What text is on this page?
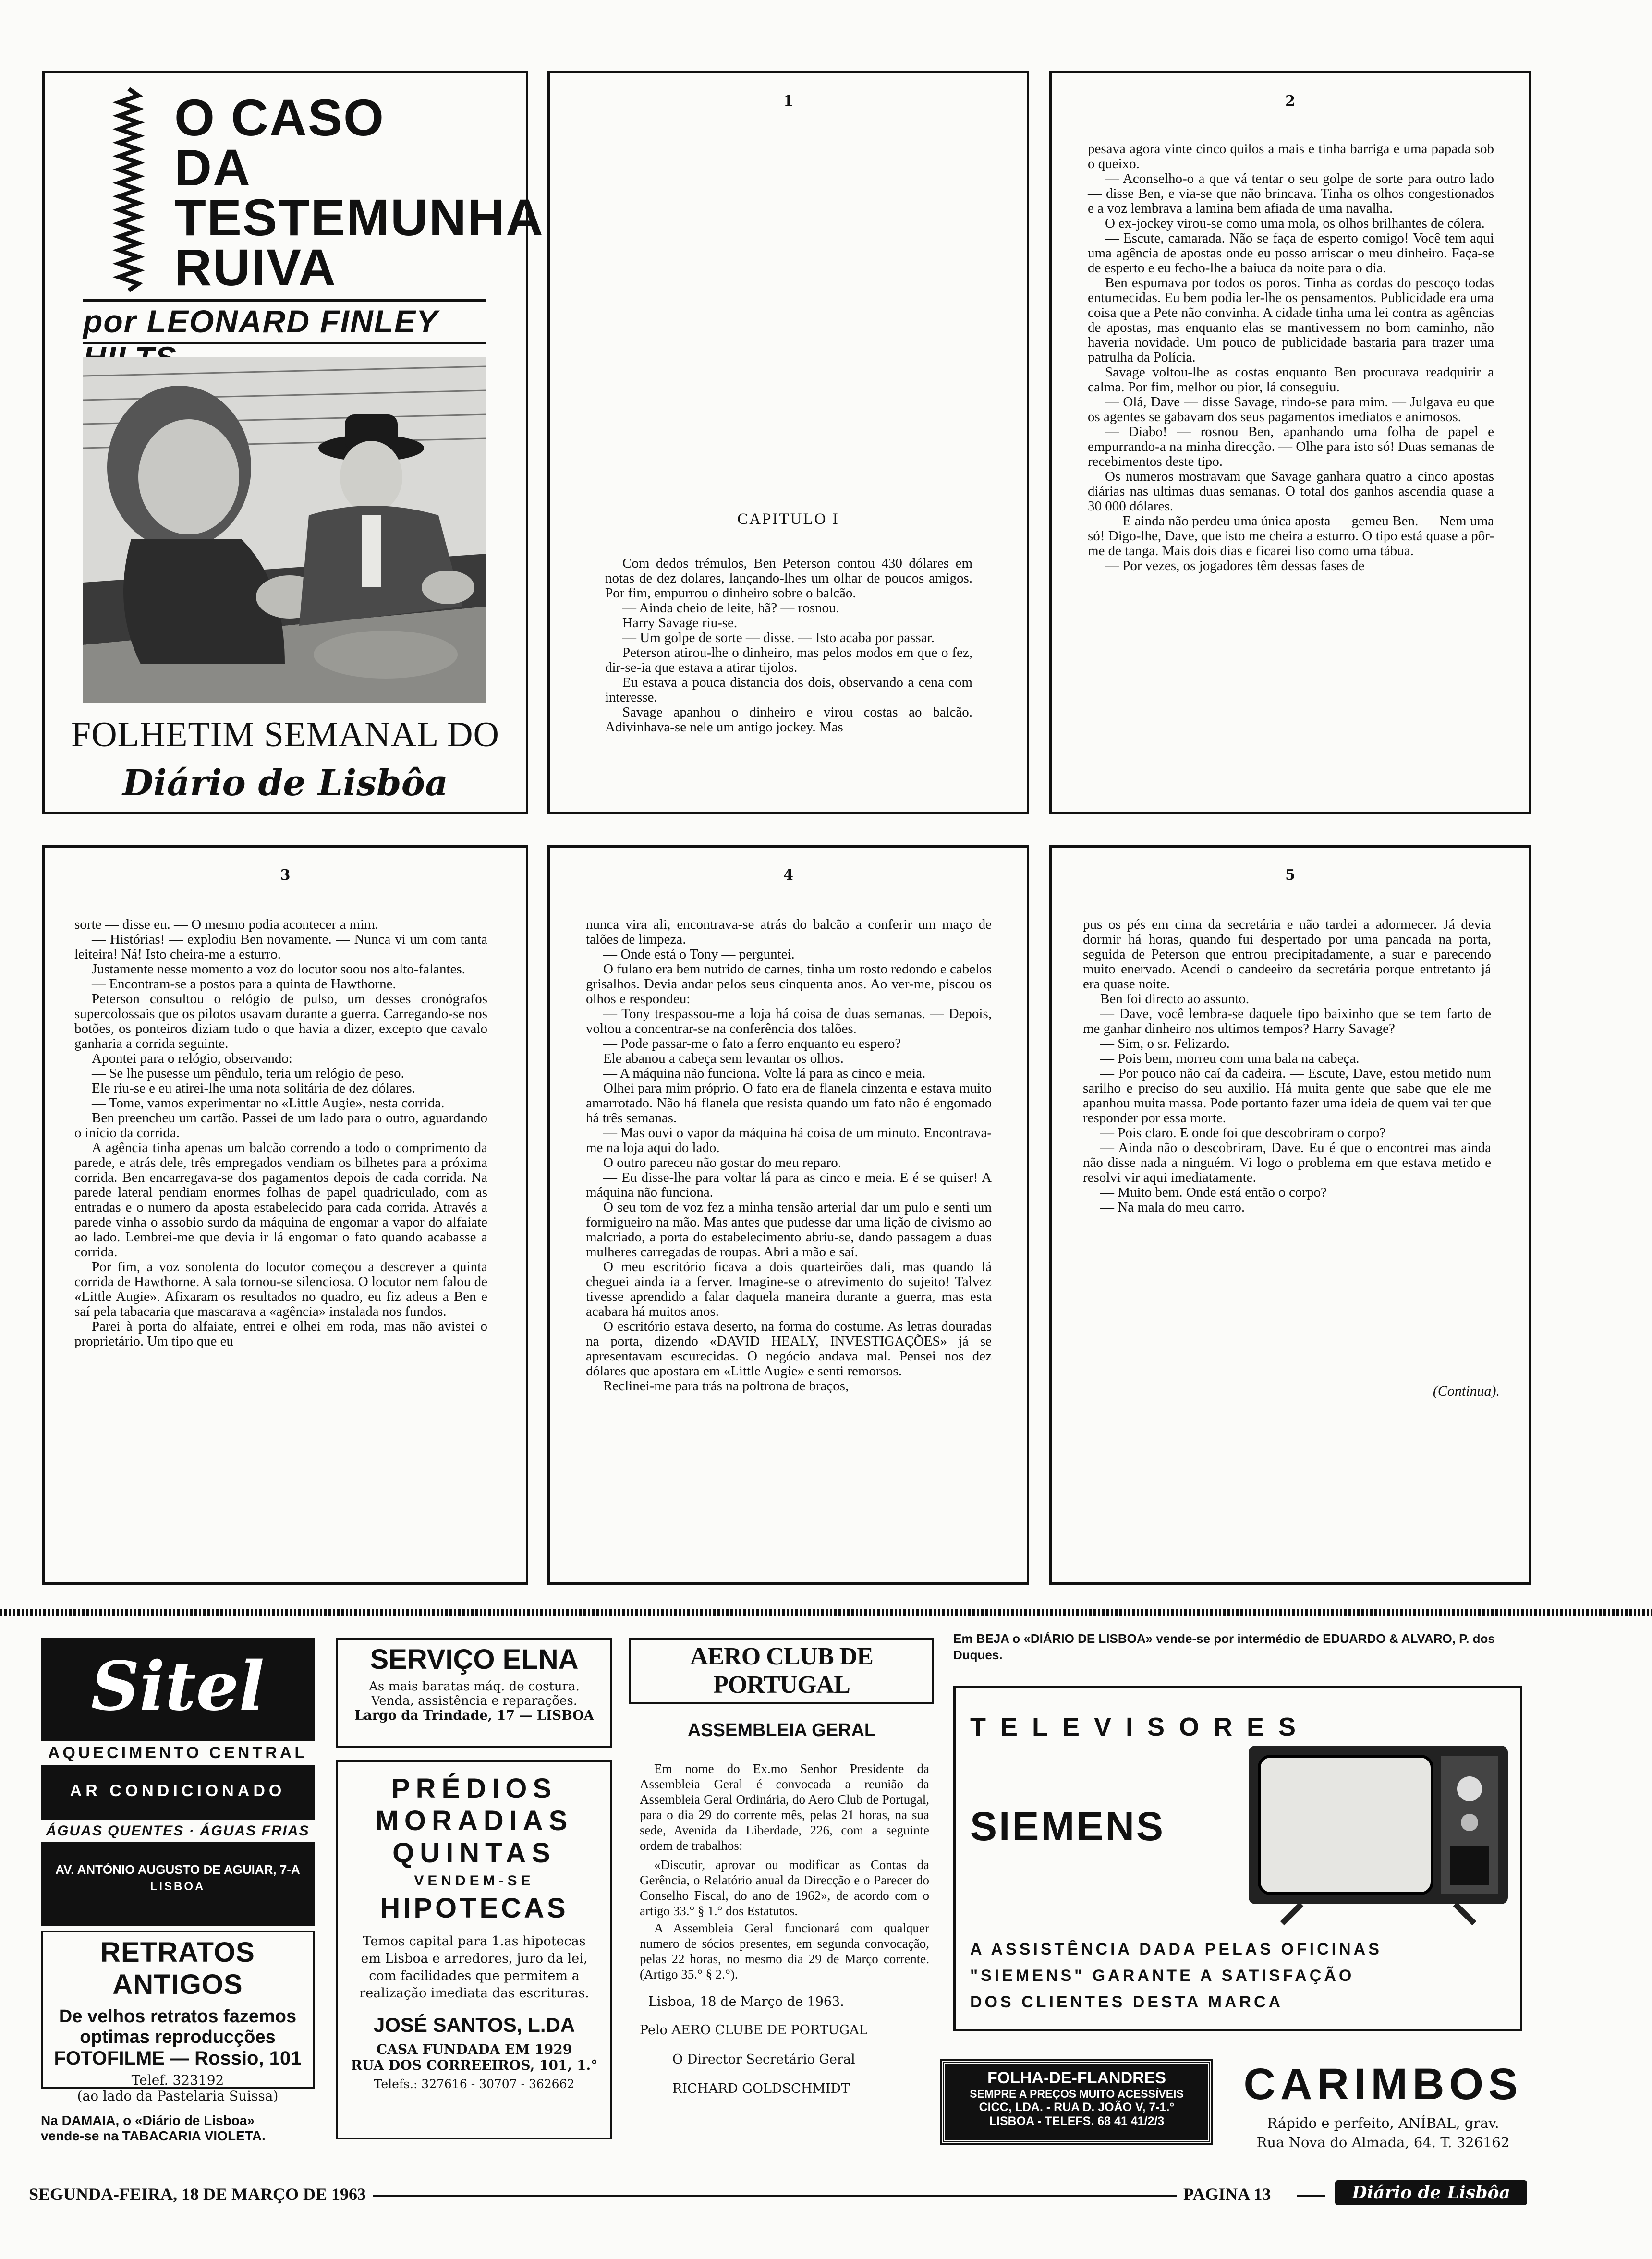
O CASO
DA
TESTEMUNHA
RUIVA
por LEONARD FINLEY
FOLHETIM SEMANAL DO
Diário de Lisbôa
1
CAPITULO I

Com dedos trémulos, Ben Peterson contou 430 dólares em notas de dez dolares, lançando-lhes um olhar de poucos amigos. Por fim, empurrou o dinheiro sobre o balcão.

— Ainda cheio de leite, hã? — rosnou.

Harry Savage riu-se.

— Um golpe de sorte — disse. — Isto acaba por passar.

Peterson atirou-lhe o dinheiro, mas pelos modos em que o fez, dir-se-ia que estava a atirar tijolos.

Eu estava a pouca distancia dos dois, observando a cena com interesse.

Savage apanhou o dinheiro e virou costas ao balcão. Adivinhava-se nele um antigo jockey. Mas

2

pesava agora vinte cinco quilos a mais e tinha barriga e uma papada sob o queixo.

— Aconselho-o a que vá tentar o seu golpe de sorte para outro lado — disse Ben, e via-se que não brincava. Tinha os olhos congestionados e a voz lembrava a lamina bem afiada de uma navalha.

O ex-jockey virou-se como uma mola, os olhos brilhantes de cólera.

— Escute, camarada. Não se faça de esperto comigo! Você tem aqui uma agência de apostas onde eu posso arriscar o meu dinheiro. Faça-se de esperto e eu fecho-lhe a baiuca da noite para o dia.

Ben espumava por todos os poros. Tinha as cordas do pescoço todas entumecidas. Eu bem podia ler-lhe os pensamentos. Publicidade era uma coisa que a Pete não convinha. A cidade tinha uma lei contra as agências de apostas, mas enquanto elas se mantivessem no bom caminho, não haveria novidade. Um pouco de publicidade bastaria para trazer uma patrulha da Polícia.

Savage voltou-lhe as costas enquanto Ben procurava readquirir a calma. Por fim, melhor ou pior, lá conseguiu.

— Olá, Dave — disse Savage, rindo-se para mim. — Julgava eu que os agentes se gabavam dos seus pagamentos imediatos e animosos.

— Diabo! — rosnou Ben, apanhando uma folha de papel e empurrando-a na minha direcção. — Olhe para isto só! Duas semanas de recebimentos deste tipo.

Os numeros mostravam que Savage ganhara quatro a cinco apostas diárias nas ultimas duas semanas. O total dos ganhos ascendia quase a 30 000 dólares.

— E ainda não perdeu uma única aposta — gemeu Ben. — Nem uma só! Digo-lhe, Dave, que isto me cheira a esturro. O tipo está quase a pôr-me de tanga. Mais dois dias e ficarei liso como uma tábua.

— Por vezes, os jogadores têm dessas fases de

3

sorte — disse eu. — O mesmo podia acontecer a mim.

— Histórias! — explodiu Ben novamente. — Nunca vi um com tanta leiteira! Ná! Isto cheira-me a esturro.

Justamente nesse momento a voz do locutor soou nos alto-falantes.

— Encontram-se a postos para a quinta de Hawthorne.

Peterson consultou o relógio de pulso, um desses cronógrafos supercolossais que os pilotos usavam durante a guerra. Carregando-se nos botões, os ponteiros diziam tudo o que havia a dizer, excepto que cavalo ganharia a corrida seguinte.

Apontei para o relógio, observando:

— Se lhe pusesse um pêndulo, teria um relógio de peso.

Ele riu-se e eu atirei-lhe uma nota solitária de dez dólares.

— Tome, vamos experimentar no «Little Augie», nesta corrida.

Ben preencheu um cartão. Passei de um lado para o outro, aguardando o início da corrida.

A agência tinha apenas um balcão correndo a todo o comprimento da parede, e atrás dele, três empregados vendiam os bilhetes para a próxima corrida. Ben encarregava-se dos pagamentos depois de cada corrida. Na parede lateral pendiam enormes folhas de papel quadriculado, com as entradas e o numero da aposta estabelecido para cada corrida. Através a parede vinha o assobio surdo da máquina de engomar a vapor do alfaiate ao lado. Lembrei-me que devia ir lá engomar o fato quando acabasse a corrida.

Por fim, a voz sonolenta do locutor começou a descrever a quinta corrida de Hawthorne. A sala tornou-se silenciosa. O locutor nem falou de «Little Augie». Afixaram os resultados no quadro, eu fiz adeus a Ben e saí pela tabacaria que mascarava a «agência» instalada nos fundos.

Parei à porta do alfaiate, entrei e olhei em roda, mas não avistei o proprietário. Um tipo que eu

4

nunca vira ali, encontrava-se atrás do balcão a conferir um maço de talões de limpeza.

— Onde está o Tony — perguntei.

O fulano era bem nutrido de carnes, tinha um rosto redondo e cabelos grisalhos. Devia andar pelos seus cinquenta anos. Ao ver-me, piscou os olhos e respondeu:

— Tony trespassou-me a loja há coisa de duas semanas. — Depois, voltou a concentrar-se na conferência dos talões.

— Pode passar-me o fato a ferro enquanto eu espero?

Ele abanou a cabeça sem levantar os olhos.

— A máquina não funciona. Volte lá para as cinco e meia.

Olhei para mim próprio. O fato era de flanela cinzenta e estava muito amarrotado. Não há flanela que resista quando um fato não é engomado há três semanas.

— Mas ouvi o vapor da máquina há coisa de um minuto. Encontrava-me na loja aqui do lado.

O outro pareceu não gostar do meu reparo.

— Eu disse-lhe para voltar lá para as cinco e meia. E é se quiser! A máquina não funciona.

O seu tom de voz fez a minha tensão arterial dar um pulo e senti um formigueiro na mão. Mas antes que pudesse dar uma lição de civismo ao malcriado, a porta do estabelecimento abriu-se, dando passagem a duas mulheres carregadas de roupas. Abri a mão e saí.

O meu escritório ficava a dois quarteirões dali, mas quando lá cheguei ainda ia a ferver. Imagine-se o atrevimento do sujeito! Talvez tivesse aprendido a falar daquela maneira durante a guerra, mas esta acabara há muitos anos.

O escritório estava deserto, na forma do costume. As letras douradas na porta, dizendo «DAVID HEALY, INVESTIGAÇÕES» já se apresentavam escurecidas. O negócio andava mal. Pensei nos dez dólares que apostara em «Little Augie» e senti remorsos.

Reclinei-me para trás na poltrona de braços,

5

pus os pés em cima da secretária e não tardei a adormecer. Já devia dormir há horas, quando fui despertado por uma pancada na porta, seguida de Peterson que entrou precipitadamente, a suar e parecendo muito enervado. Acendi o candeeiro da secretária porque entretanto já era quase noite.

Ben foi directo ao assunto.

— Dave, você lembra-se daquele tipo baixinho que se tem farto de me ganhar dinheiro nos ultimos tempos? Harry Savage?

— Sim, o sr. Felizardo.

— Pois bem, morreu com uma bala na cabeça.

— Por pouco não caí da cadeira. — Escute, Dave, estou metido num sarilho e preciso do seu auxilio. Há muita gente que sabe que ele me apanhou muita massa. Pode portanto fazer uma ideia de quem vai ter que responder por essa morte.

— Pois claro. E onde foi que descobriram o corpo?

— Ainda não o descobriram, Dave. Eu é que o encontrei mas ainda não disse nada a ninguém. Vi logo o problema em que estava metido e resolvi vir aqui imediatamente.

— Muito bem. Onde está então o corpo?

— Na mala do meu carro.

(Continua).
Sitel
AQUECIMENTO CENTRAL
AR CONDICIONADO
ÁGUAS QUENTES · ÁGUAS FRIAS
AV. ANTÓNIO AUGUSTO DE AGUIAR, 7-A
LISBOA
RETRATOS ANTIGOS
De velhos retratos fazemos
optimas reproducções
FOTOFILME — Rossio, 101
Telef. 323192
(ao lado da Pastelaria Suissa)
Na DAMAIA, o «Diário de Lisboa»
vende-se na TABACARIA VIOLETA.
SERVIÇO ELNA
As mais baratas máq. de costura.
Venda, assistência e reparações.
Largo da Trindade, 17 — LISBOA
PRÉDIOS
MORADIAS
QUINTAS
VENDEM-SE
HIPOTECAS
Temos capital para 1.as hipotecas em Lisboa e arredores, juro da lei, com facilidades que permitem a realização imediata das escrituras.
JOSÉ SANTOS, L.DA
CASA FUNDADA EM 1929
RUA DOS CORREEIROS, 101, 1.°
Telefs.: 327616 - 30707 - 362662
AERO CLUB DE PORTUGAL
ASSEMBLEIA GERAL

Em nome do Ex.mo Senhor Presidente da Assembleia Geral é convocada a reunião da Assembleia Geral Ordinária, do Aero Club de Portugal, para o dia 29 do corrente mês, pelas 21 horas, na sua sede, Avenida da Liberdade, 226, com a seguinte ordem de trabalhos:

«Discutir, aprovar ou modificar as Contas da Gerência, o Relatório anual da Direcção e o Parecer do Conselho Fiscal, do ano de 1962», de acordo com o artigo 33.° § 1.° dos Estatutos.

A Assembleia Geral funcionará com qualquer numero de sócios presentes, em segunda convocação, pelas 22 horas, no mesmo dia 29 de Março corrente. (Artigo 35.° § 2.°).

Lisboa, 18 de Março de 1963.
Pelo AERO CLUBE DE PORTUGAL
O Director Secretário Geral
RICHARD GOLDSCHMIDT
Em BEJA o «DIÁRIO DE LISBOA» vende-se por intermédio de EDUARDO & ALVARO, P. dos Duques.
TELEVISORES
SIEMENS
A ASSISTÊNCIA DADA PELAS OFICINAS
"SIEMENS" GARANTE A SATISFAÇÃO
DOS CLIENTES DESTA MARCA
FOLHA-DE-FLANDRES
SEMPRE A PREÇOS MUITO ACESSÍVEIS
CICC, LDA. - RUA D. JOÃO V, 7-1.°
LISBOA - TELEFS. 68 41 41/2/3
CARIMBOS
Rápido e perfeito, ANÍBAL, grav.
Rua Nova do Almada, 64. T. 326162
SEGUNDA-FEIRA, 18 DE MARÇO DE 1963	PAGINA 13	Diário de Lisbôa
